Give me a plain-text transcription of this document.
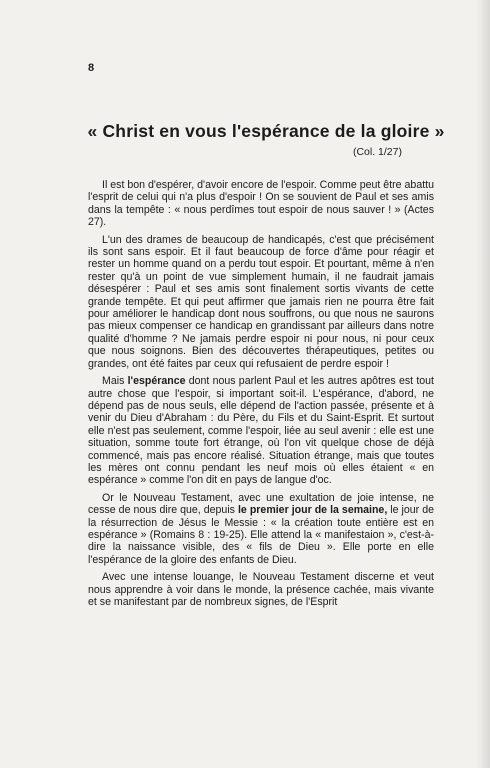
8
« Christ en vous l'espérance de la gloire »
(Col. 1/27)

Il est bon d'espérer, d'avoir encore de l'espoir. Comme peut être abattu l'esprit de celui qui n'a plus d'espoir ! On se souvient de Paul et ses amis dans la tempête : « nous perdîmes tout espoir de nous sauver ! » (Actes 27).

L'un des drames de beaucoup de handicapés, c'est que précisément ils sont sans espoir. Et il faut beaucoup de force d'âme pour réagir et rester un homme quand on a perdu tout espoir. Et pourtant, même à n'en rester qu'à un point de vue simplement humain, il ne faudrait jamais désespérer : Paul et ses amis sont finalement sortis vivants de cette grande tempête. Et qui peut affirmer que jamais rien ne pourra être fait pour améliorer le handicap dont nous souffrons, ou que nous ne saurons pas mieux compenser ce handicap en grandissant par ailleurs dans notre qualité d'homme ? Ne jamais perdre espoir ni pour nous, ni pour ceux que nous soignons. Bien des découvertes thérapeutiques, petites ou grandes, ont été faites par ceux qui refusaient de perdre espoir !

Mais l'espérance dont nous parlent Paul et les autres apôtres est tout autre chose que l'espoir, si important soit-il. L'espérance, d'abord, ne dépend pas de nous seuls, elle dépend de l'action passée, présente et à venir du Dieu d'Abraham : du Père, du Fils et du Saint-Esprit. Et surtout elle n'est pas seulement, comme l'espoir, liée au seul avenir : elle est une situation, somme toute fort étrange, où l'on vit quelque chose de déjà commencé, mais pas encore réalisé. Situation étrange, mais que toutes les mères ont connu pendant les neuf mois où elles étaient « en espérance » comme l'on dit en pays de langue d'oc.

Or le Nouveau Testament, avec une exultation de joie intense, ne cesse de nous dire que, depuis le premier jour de la semaine, le jour de la résurrection de Jésus le Messie : « la création toute entière est en espérance » (Romains 8 : 19-25). Elle attend la « manifestaion », c'est-à-dire la naissance visible, des « fils de Dieu ». Elle porte en elle l'espérance de la gloire des enfants de Dieu.

Avec une intense louange, le Nouveau Testament discerne et veut nous apprendre à voir dans le monde, la présence cachée, mais vivante et se manifestant par de nombreux signes, de l'Esprit
